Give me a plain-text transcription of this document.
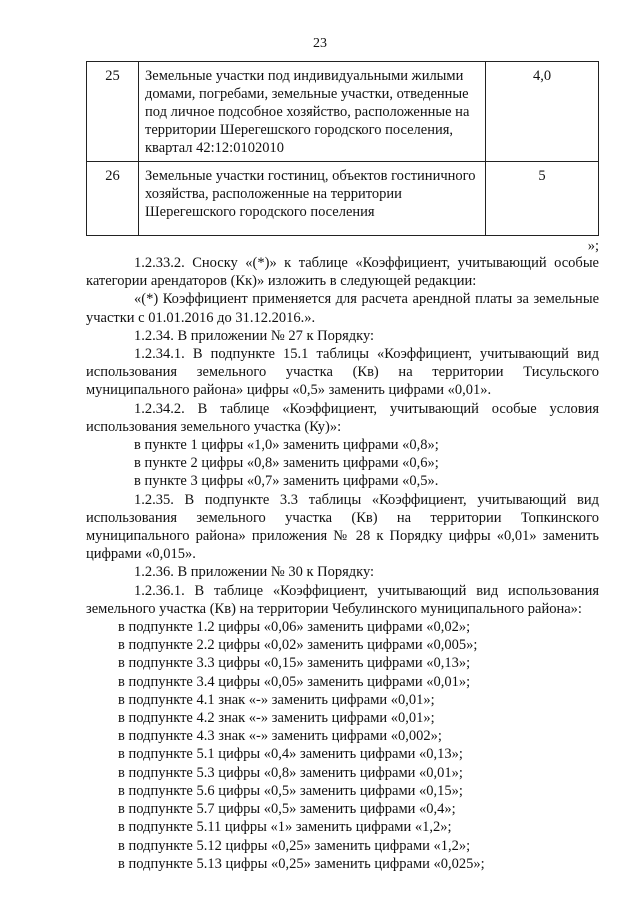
23
25	Земельные участки под индивидуальными жилыми домами, погребами, земельные участки, отведенные под личное подсобное хозяйство, расположенные на территории Шерегешского городского поселения, квартал 42:12:0102010	4,0
26	Земельные участки гостиниц, объектов гостиничного хозяйства, расположенные на территории Шерегешского городского поселения	5
»;

1.2.33.2. Сноску «(*)» к таблице «Коэффициент, учитывающий особые категории арендаторов (Кк)» изложить в следующей редакции:

«(*) Коэффициент применяется для расчета арендной платы за земельные участки с 01.01.2016 до 31.12.2016.».

1.2.34. В приложении № 27 к Порядку:

1.2.34.1. В подпункте 15.1 таблицы «Коэффициент, учитывающий вид использования земельного участка (Кв) на территории Тисульского муниципального района» цифры «0,5» заменить цифрами «0,01».

1.2.34.2. В таблице «Коэффициент, учитывающий особые условия использования земельного участка (Ку)»:

в пункте 1 цифры «1,0» заменить цифрами «0,8»;

в пункте 2 цифры «0,8» заменить цифрами «0,6»;

в пункте 3 цифры «0,7» заменить цифрами «0,5».

1.2.35. В подпункте 3.3 таблицы «Коэффициент, учитывающий вид использования земельного участка (Кв) на территории Топкинского муниципального района» приложения № 28 к Порядку цифры «0,01» заменить цифрами «0,015».

1.2.36. В приложении № 30 к Порядку:

1.2.36.1. В таблице «Коэффициент, учитывающий вид использования земельного участка (Кв) на территории Чебулинского муниципального района»:

в подпункте 1.2 цифры «0,06» заменить цифрами «0,02»;

в подпункте 2.2 цифры «0,02» заменить цифрами «0,005»;

в подпункте 3.3 цифры «0,15» заменить цифрами «0,13»;

в подпункте 3.4 цифры «0,05» заменить цифрами «0,01»;

в подпункте 4.1 знак «-» заменить цифрами «0,01»;

в подпункте 4.2 знак «-» заменить цифрами «0,01»;

в подпункте 4.3 знак «-» заменить цифрами «0,002»;

в подпункте 5.1 цифры «0,4» заменить цифрами «0,13»;

в подпункте 5.3 цифры «0,8» заменить цифрами «0,01»;

в подпункте 5.6 цифры «0,5» заменить цифрами «0,15»;

в подпункте 5.7 цифры «0,5» заменить цифрами «0,4»;

в подпункте 5.11 цифры «1» заменить цифрами «1,2»;

в подпункте 5.12 цифры «0,25» заменить цифрами «1,2»;

в подпункте 5.13 цифры «0,25» заменить цифрами «0,025»;
